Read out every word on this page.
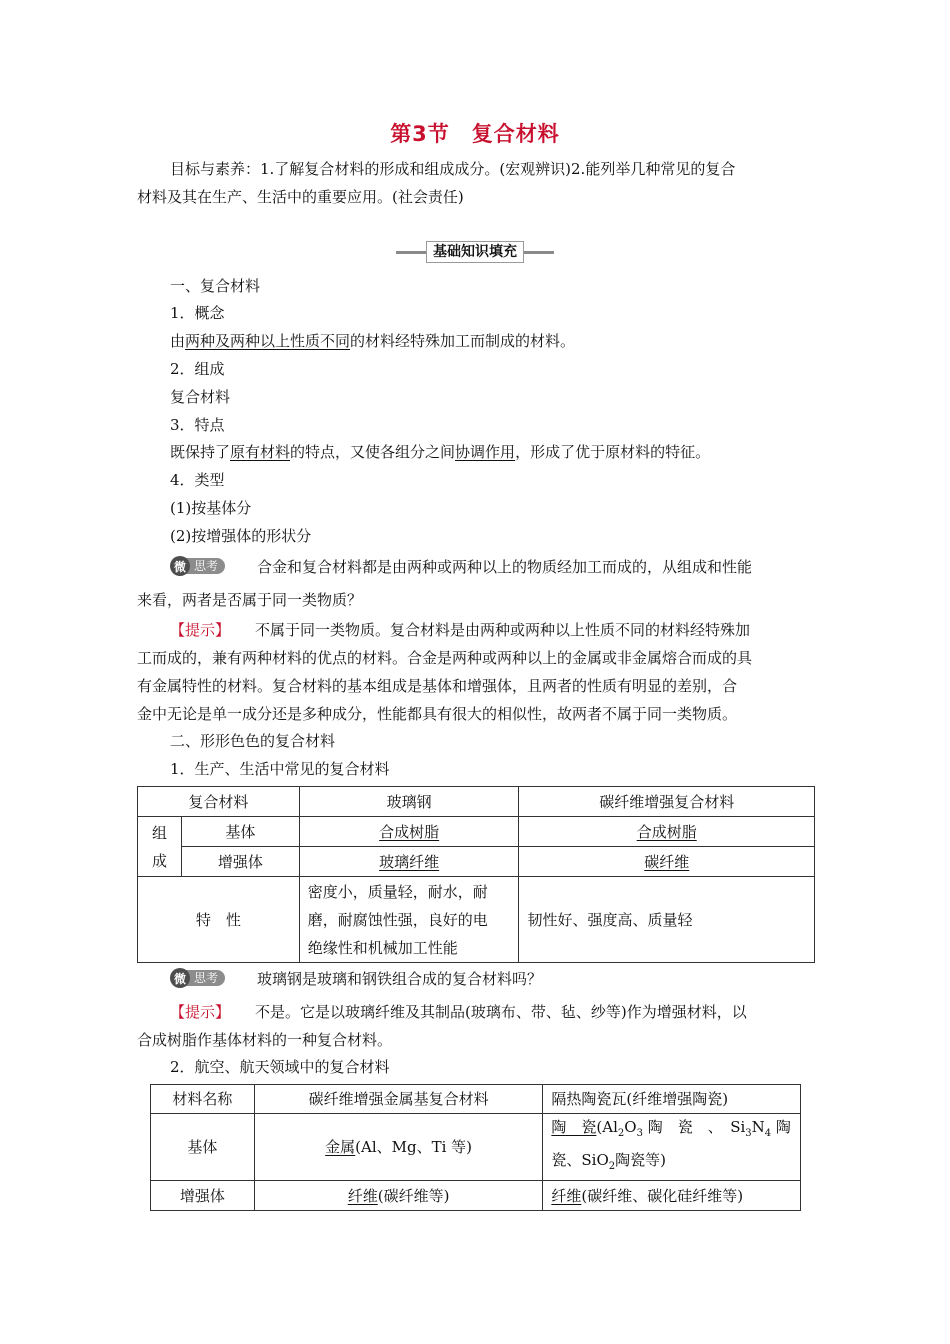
第3节　复合材料
目标与素养：1.了解复合材料的形成和组成成分。(宏观辨识)2.能列举几种常见的复合
材料及其在生产、生活中的重要应用。(社会责任)
基础知识填充
一、复合材料
1．概念
由两种及两种以上性质不同的材料经特殊加工而制成的材料。
2．组成
复合材料
3．特点
既保持了原有材料的特点，又使各组分之间协调作用，形成了优于原材料的特征。
4．类型
(1)按基体分
(2)按增强体的形状分
微 思考	合金和复合材料都是由两种或两种以上的物质经加工而成的，从组成和性能
来看，两者是否属于同一类物质？
【提示】	不属于同一类物质。复合材料是由两种或两种以上性质不同的材料经特殊加
工而成的，兼有两种材料的优点的材料。合金是两种或两种以上的金属或非金属熔合而成的具
有金属特性的材料。复合材料的基本组成是基体和增强体，且两者的性质有明显的差别，合
金中无论是单一成分还是多种成分，性能都具有很大的相似性，故两者不属于同一类物质。
二、形形色色的复合材料
1．生产、生活中常见的复合材料
复合材料		玻璃钢	碳纤维增强复合材料

组
成	基体	合成树脂	合成树脂
	增强体	玻璃纤维	碳纤维
特　性		密度小，质量轻，耐水，耐
磨，耐腐蚀性强，良好的电
绝缘性和机械加工性能	韧性好、强度高、质量轻
微 思考	玻璃钢是玻璃和钢铁组合成的复合材料吗？
【提示】	不是。它是以玻璃纤维及其制品(玻璃布、带、毡、纱等)作为增强材料，以
合成树脂作基体材料的一种复合材料。
2．航空、航天领域中的复合材料
材料名称	碳纤维增强金属基复合材料	隔热陶瓷瓦(纤维增强陶瓷)
基体	金属(Al、Mg、Ti 等)	陶　瓷($Al_2O_3$ 陶　瓷　、　$Si_3N_4$ 陶
瓷、SiO$_2$陶瓷等)

增强体	纤维(碳纤维等)	纤维(碳纤维、碳化硅纤维等)
